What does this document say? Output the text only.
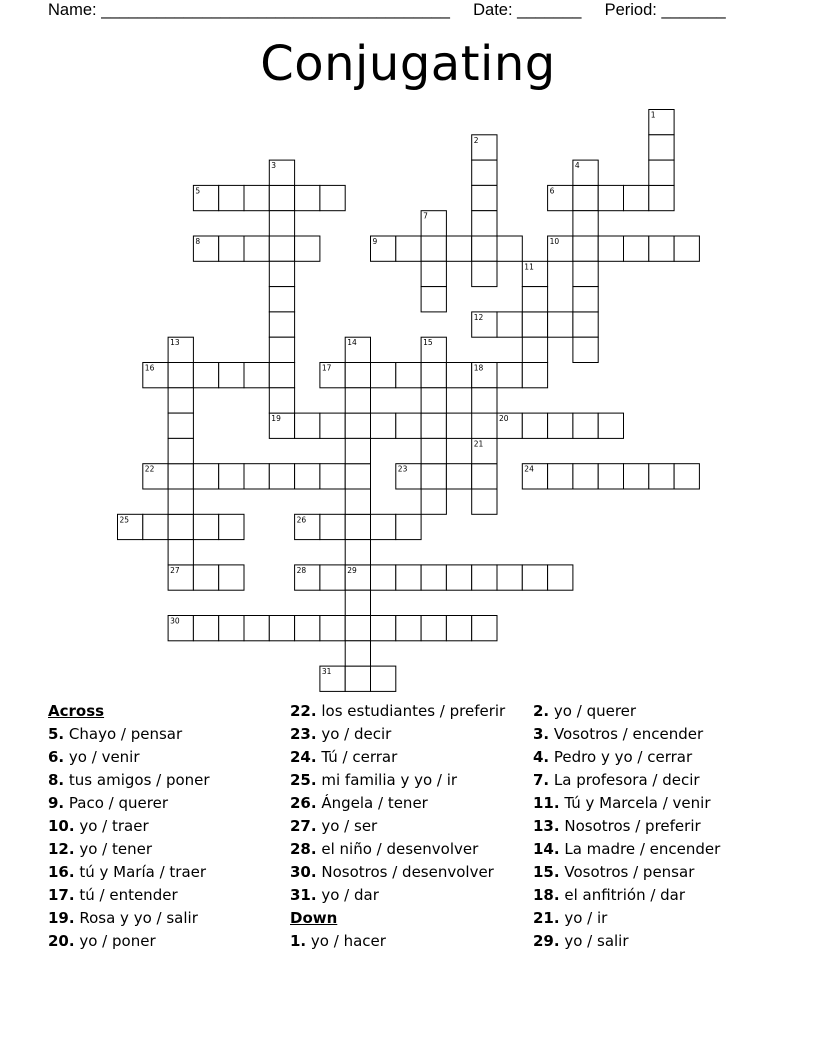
Name: ______________________________________ Date: _______ Period: _______
Conjugating
5	6
8	9	10
12
16	17
19	20
22	23	24
25	26
27	28
30
31
1
2
3	4
7
11
13	14	15
18
21
29
Across
5. Chayo / pensar
6. yo / venir
8. tus amigos / poner
9. Paco / querer
10. yo / traer
12. yo / tener
16. tú y María / traer
17. tú / entender
19. Rosa y yo / salir
20. yo / poner
22. los estudiantes / preferir
23. yo / decir
24. Tú / cerrar
25. mi familia y yo / ir
26. Ángela / tener
27. yo / ser
28. el niño / desenvolver
30. Nosotros / desenvolver
31. yo / dar
Down
1. yo / hacer
2. yo / querer
3. Vosotros / encender
4. Pedro y yo / cerrar
7. La profesora / decir
11. Tú y Marcela / venir
13. Nosotros / preferir
14. La madre / encender
15. Vosotros / pensar
18. el anfitrión / dar
21. yo / ir
29. yo / salir
